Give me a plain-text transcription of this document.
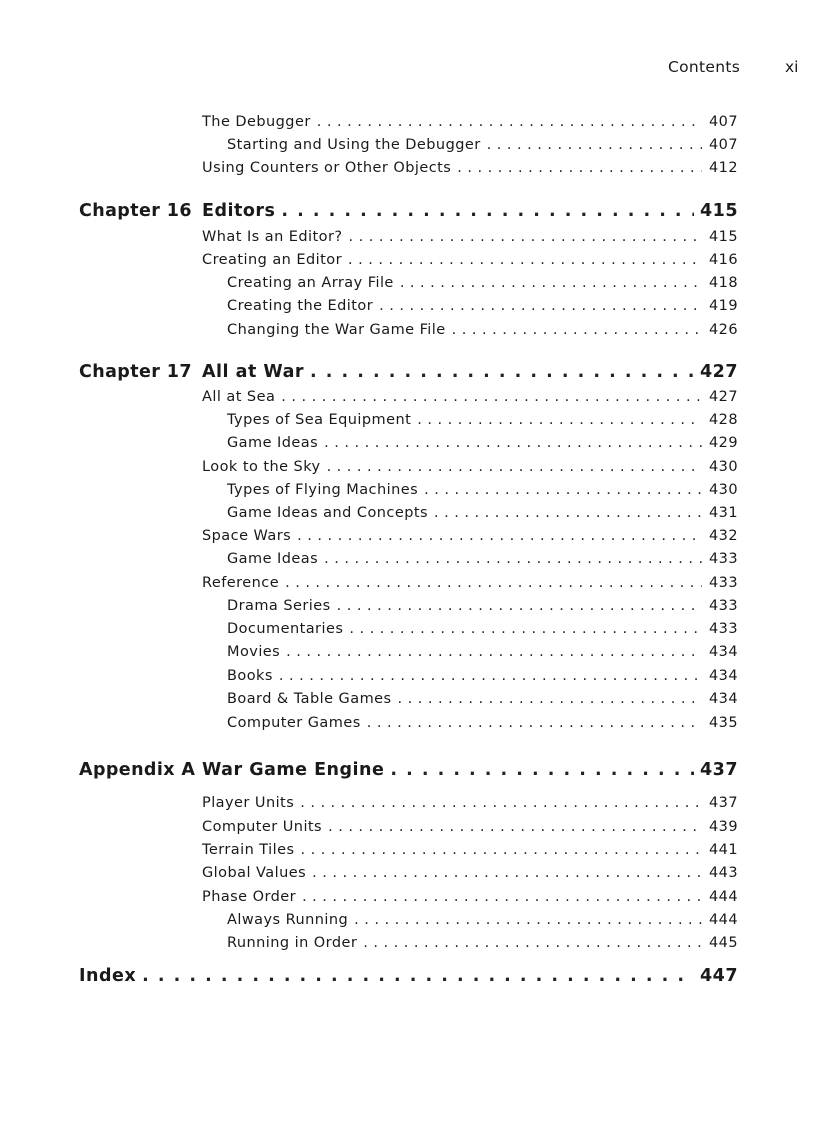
Contents	xi
The Debugger . . .	407
Starting and Using the Debugger . . .	407
Using Counters or Other Objects . . .	412
Chapter 16 Editors . . .	415
What Is an Editor? . . .	415
Creating an Editor . . .	416
Creating an Array File . . .	418
Creating the Editor . . .	419
Changing the War Game File . . .	426
Chapter 17 All at War . . .	427
All at Sea . . .	427
Types of Sea Equipment . . .	428
Game Ideas . . .	429
Look to the Sky . . .	430
Types of Flying Machines . . .	430
Game Ideas and Concepts . . .	431
Space Wars . . .	432
Game Ideas . . .	433
Reference . . .	433
Drama Series . . .	433
Documentaries . . .	433
Movies . . .	434
Books . . .	434
Board & Table Games . . .	434
Computer Games . . .	435
Appendix A War Game Engine . . .	437
Player Units . . .	437
Computer Units . . .	439
Terrain Tiles . . .	441
Global Values . . .	443
Phase Order . . .	444
Always Running . . .	444
Running in Order . . .	445
Index . . .	447
